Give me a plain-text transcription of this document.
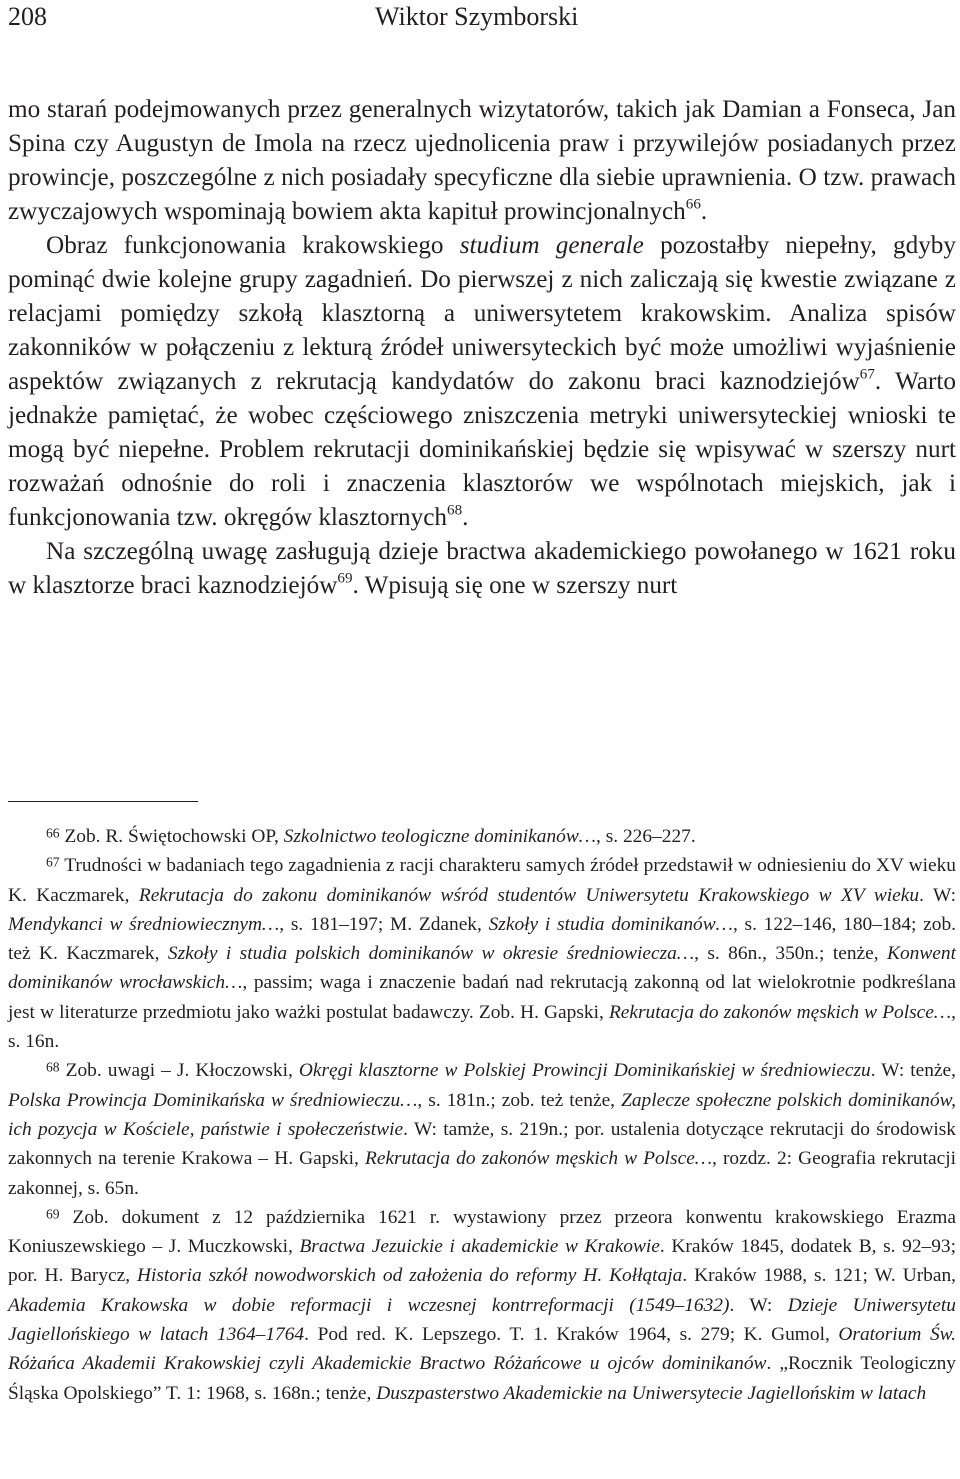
208	Wiktor Szymborski

mo starań podejmowanych przez generalnych wizytatorów, takich jak Damian a Fonseca, Jan Spina czy Augustyn de Imola na rzecz ujednolicenia praw i przywilejów posiadanych przez prowincje, poszczególne z nich posiadały specyficzne dla siebie uprawnienia. O tzw. prawach zwyczajowych wspominają bowiem akta kapituł prowincjonalnych$^{66}$.

Obraz funkcjonowania krakowskiego studium generale pozostałby niepełny, gdyby pominąć dwie kolejne grupy zagadnień. Do pierwszej z nich zaliczają się kwestie związane z relacjami pomiędzy szkołą klasztorną a uniwersytetem krakowskim. Analiza spisów zakonników w połączeniu z lekturą źródeł uniwersyteckich być może umożliwi wyjaśnienie aspektów związanych z rekrutacją kandydatów do zakonu braci kaznodziejów$^{67}$. Warto jednakże pamiętać, że wobec częściowego zniszczenia metryki uniwersyteckiej wnioski te mogą być niepełne. Problem rekrutacji dominikańskiej będzie się wpisywać w szerszy nurt rozważań odnośnie do roli i znaczenia klasztorów we wspólnotach miejskich, jak i funkcjonowania tzw. okręgów klasztornych$^{68}$.

Na szczególną uwagę zasługują dzieje bractwa akademickiego powołanego w 1621 roku w klasztorze braci kaznodziejów$^{69}$. Wpisują się one w szerszy nurt

$^{66}$ Zob. R. Świętochowski OP, Szkolnictwo teologiczne dominikanów…, s. 226–227.

$^{67}$ Trudności w badaniach tego zagadnienia z racji charakteru samych źródeł przedstawił w odniesieniu do XV wieku K. Kaczmarek, Rekrutacja do zakonu dominikanów wśród studentów Uniwersytetu Krakowskiego w XV wieku. W: Mendykanci w średniowiecznym…, s. 181–197; M. Zdanek, Szkoły i studia dominikanów…, s. 122–146, 180–184; zob. też K. Kaczmarek, Szkoły i studia polskich dominikanów w okresie średniowiecza…, s. 86n., 350n.; tenże, Konwent dominikanów wrocławskich…, passim; waga i znaczenie badań nad rekrutacją zakonną od lat wielokrotnie podkreślana jest w literaturze przedmiotu jako ważki postulat badawczy. Zob. H. Gapski, Rekrutacja do zakonów męskich w Polsce…, s. 16n.

$^{68}$ Zob. uwagi – J. Kłoczowski, Okręgi klasztorne w Polskiej Prowincji Dominikańskiej w średniowieczu. W: tenże, Polska Prowincja Dominikańska w średniowieczu…, s. 181n.; zob. też tenże, Zaplecze społeczne polskich dominikanów, ich pozycja w Kościele, państwie i społeczeństwie. W: tamże, s. 219n.; por. ustalenia dotyczące rekrutacji do środowisk zakonnych na terenie Krakowa – H. Gapski, Rekrutacja do zakonów męskich w Polsce…, rozdz. 2: Geografia rekrutacji zakonnej, s. 65n.

$^{69}$ Zob. dokument z 12 października 1621 r. wystawiony przez przeora konwentu krakowskiego Erazma Koniuszewskiego – J. Muczkowski, Bractwa Jezuickie i akademickie w Krakowie. Kraków 1845, dodatek B, s. 92–93; por. H. Barycz, Historia szkół nowodworskich od założenia do reformy H. Kołłątaja. Kraków 1988, s. 121; W. Urban, Akademia Krakowska w dobie reformacji i wczesnej kontrreformacji (1549–1632). W: Dzieje Uniwersytetu Jagiellońskiego w latach 1364–1764. Pod red. K. Lepszego. T. 1. Kraków 1964, s. 279; K. Gumol, Oratorium Św. Różańca Akademii Krakowskiej czyli Akademickie Bractwo Różańcowe u ojców dominikanów. „Rocznik Teologiczny Śląska Opolskiego” T. 1: 1968, s. 168n.; tenże, Duszpasterstwo Akademickie na Uniwersytecie Jagiellońskim w latach
